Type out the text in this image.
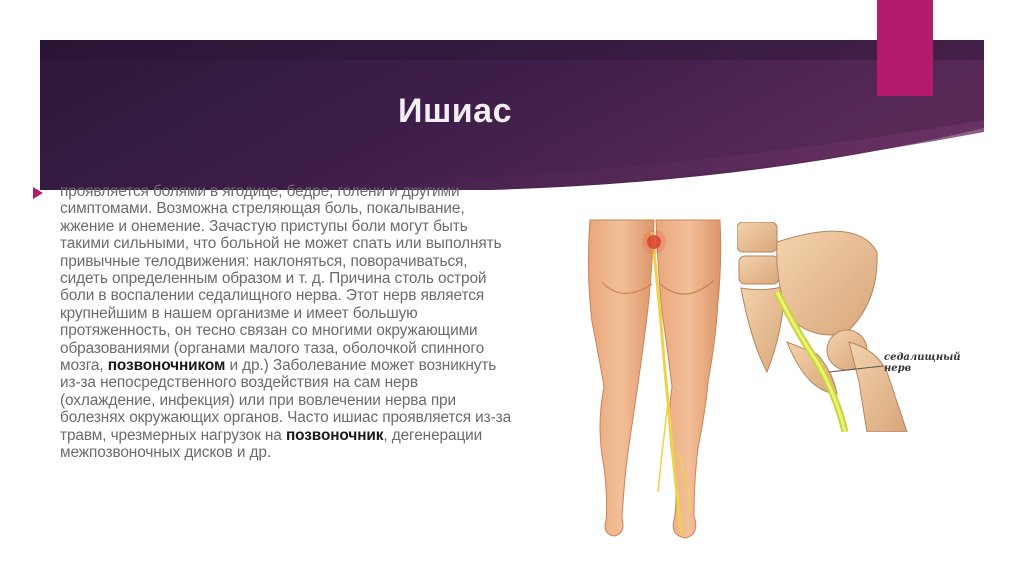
Ишиас

проявляется болями в ягодице, бедре, голени и другими симптомами. Возможна стреляющая боль, покалывание, жжение и онемение. Зачастую приступы боли могут быть такими сильными, что больной не может спать или выполнять привычные телодвижения: наклоняться, поворачиваться, сидеть определенным образом и т. д. Причина столь острой боли в воспалении седалищного нерва. Этот нерв является крупнейшим в нашем организме и имеет большую протяженность, он тесно связан со многими окружающими образованиями (органами малого таза, оболочкой спинного мозга, позвоночником и др.) Заболевание может возникнуть из-за непосредственного воздействия на сам нерв (охлаждение, инфекция) или при вовлечении нерва при болезнях окружающих органов. Часто ишиас проявляется из-за травм, чрезмерных нагрузок на позвоночник, дегенерации межпозвоночных дисков и др.

седалищный нерв
